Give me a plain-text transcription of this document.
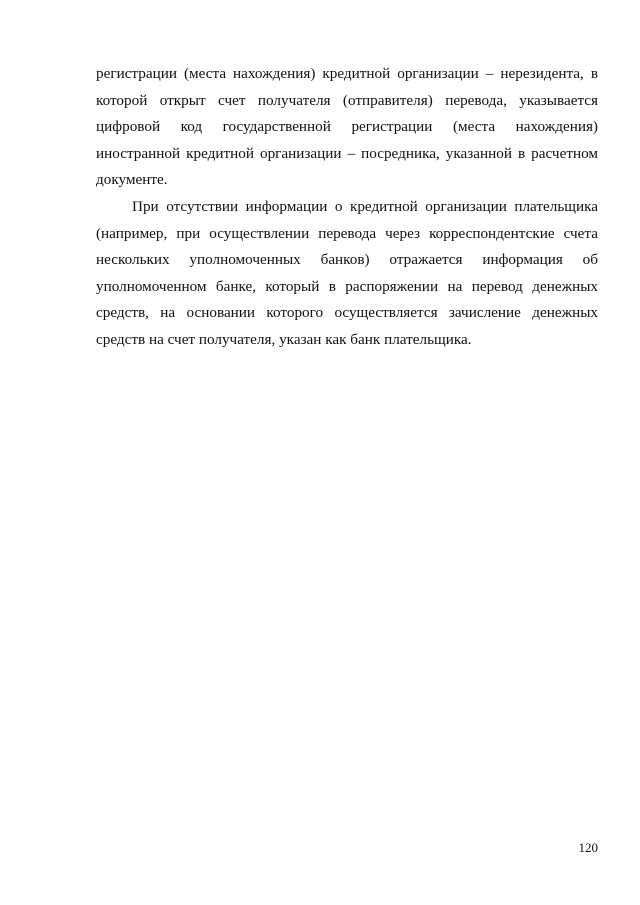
регистрации (места нахождения) кредитной организации – нерезидента, в
которой открыт счет получателя (отправителя) перевода, указывается
цифровой код государственной регистрации (места нахождения)
иностранной кредитной организации – посредника, указанной в расчетном
документе.
При отсутствии информации о кредитной организации плательщика
(например, при осуществлении перевода через корреспондентские счета
нескольких уполномоченных банков) отражается информация об
уполномоченном банке, который в распоряжении на перевод денежных
средств, на основании которого осуществляется зачисление денежных
средств на счет получателя, указан как банк плательщика.
120
